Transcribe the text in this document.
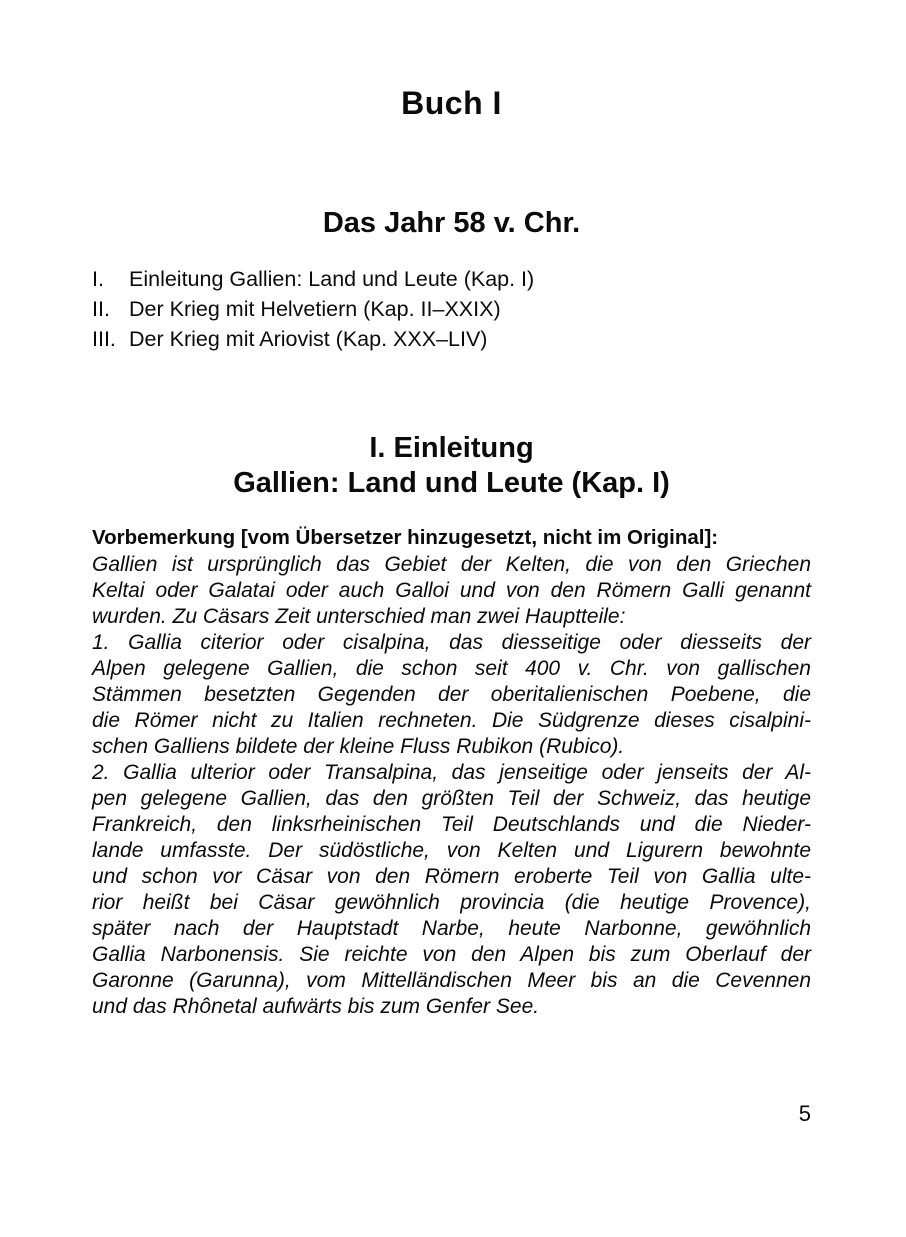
Buch I
Das Jahr 58 v. Chr.
I.	Einleitung Gallien: Land und Leute (Kap. I)
II. Der Krieg mit Helvetiern (Kap. II–XXIX)
III. Der Krieg mit Ariovist (Kap. XXX–LIV)
I. Einleitung
Gallien: Land und Leute (Kap. I)
Vorbemerkung [vom Übersetzer hinzugesetzt, nicht im Original]:
Gallien ist ursprünglich das Gebiet der Kelten, die von den Griechen
Keltai oder Galatai oder auch Galloi und von den Römern Galli genannt
wurden. Zu Cäsars Zeit unterschied man zwei Hauptteile:
1. Gallia citerior oder cisalpina, das diesseitige oder diesseits der
Alpen gelegene Gallien, die schon seit 400 v. Chr. von gallischen
Stämmen besetzten Gegenden der oberitalienischen Poebene, die
die Römer nicht zu Italien rechneten. Die Südgrenze dieses cisalpini-
schen Galliens bildete der kleine Fluss Rubikon (Rubico).
2. Gallia ulterior oder Transalpina, das jenseitige oder jenseits der Al-
pen gelegene Gallien, das den größten Teil der Schweiz, das heutige
Frankreich, den linksrheinischen Teil Deutschlands und die Nieder-
lande umfasste. Der südöstliche, von Kelten und Ligurern bewohnte
und schon vor Cäsar von den Römern eroberte Teil von Gallia ulte-
rior heißt bei Cäsar gewöhnlich provincia (die heutige Provence),
später nach der Hauptstadt Narbe, heute Narbonne, gewöhnlich
Gallia Narbonensis. Sie reichte von den Alpen bis zum Oberlauf der
Garonne (Garunna), vom Mittelländischen Meer bis an die Cevennen
und das Rhônetal aufwärts bis zum Genfer See.
5
